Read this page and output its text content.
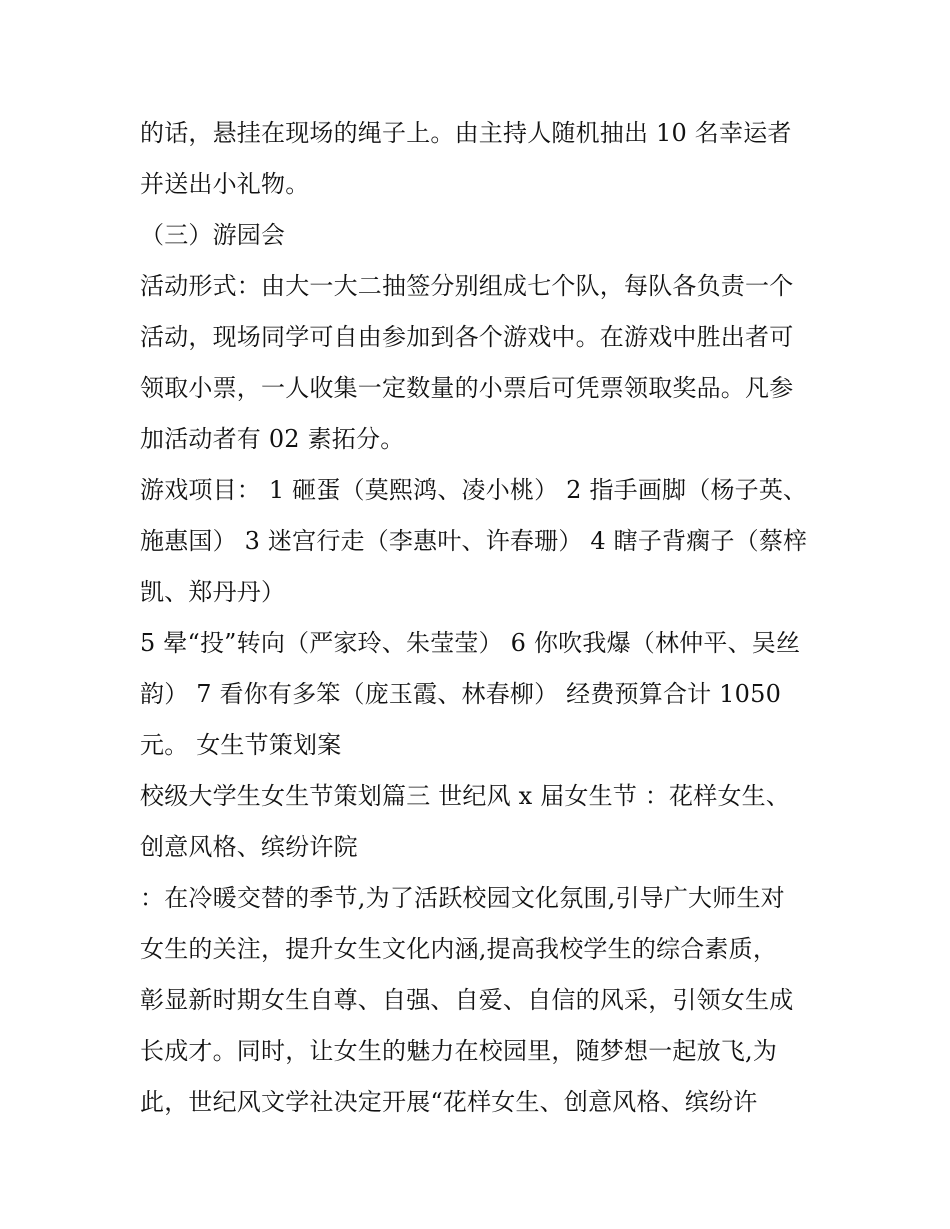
的话，悬挂在现场的绳子上。由主持人随机抽出 10 名幸运者

并送出小礼物。

（三）游园会

活动形式：由大一大二抽签分别组成七个队，每队各负责一个

活动，现场同学可自由参加到各个游戏中。在游戏中胜出者可

领取小票，一人收集一定数量的小票后可凭票领取奖品。凡参

加活动者有 02 素拓分。

游戏项目： 1 砸蛋（莫熙鸿、凌小桃） 2 指手画脚（杨子英、

施惠国） 3 迷宫行走（李惠叶、许春珊） 4 瞎子背瘸子（蔡梓

凯、郑丹丹）

5 晕“投”转向（严家玲、朱莹莹） 6 你吹我爆（林仲平、吴丝

韵） 7 看你有多笨（庞玉霞、林春柳） 经费预算合计 1050

元。 女生节策划案

校级大学生女生节策划篇三 世纪风 x 届女生节 ：花样女生、

创意风格、缤纷许院

：在冷暖交替的季节,为了活跃校园文化氛围,引导广大师生对

女生的关注，提升女生文化内涵,提高我校学生的综合素质，

彰显新时期女生自尊、自强、自爱、自信的风采，引领女生成

长成才。同时，让女生的魅力在校园里，随梦想一起放飞,为

此，世纪风文学社决定开展“花样女生、创意风格、缤纷许
